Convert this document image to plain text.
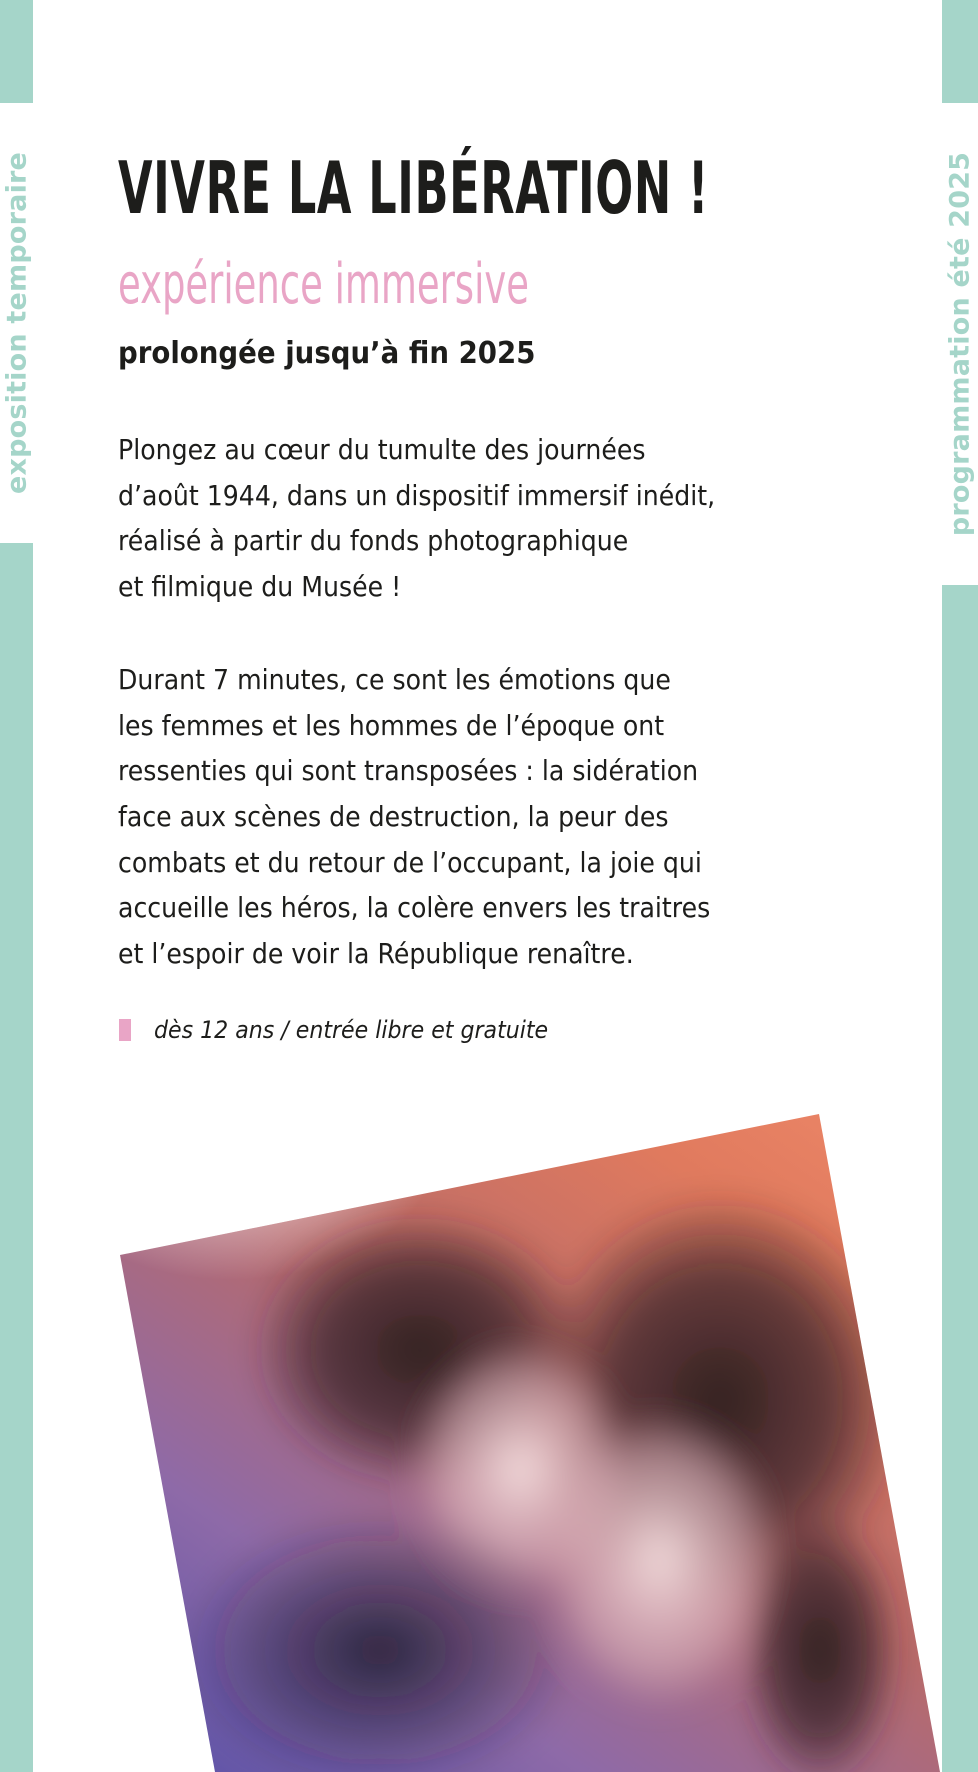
exposition temporaire	programmation été 2025
VIVRE LA LIBÉRATION !
expérience immersive
prolongée jusqu’à fin 2025
Plongez au cœur du tumulte des journées
d’août 1944, dans un dispositif immersif inédit,
réalisé à partir du fonds photographique
et filmique du Musée !
Durant 7 minutes, ce sont les émotions que
les femmes et les hommes de l’époque ont
ressenties qui sont transposées : la sidération
face aux scènes de destruction, la peur des
combats et du retour de l’occupant, la joie qui
accueille les héros, la colère envers les traitres
et l’espoir de voir la République renaître.
dès 12 ans / entrée libre et gratuite
